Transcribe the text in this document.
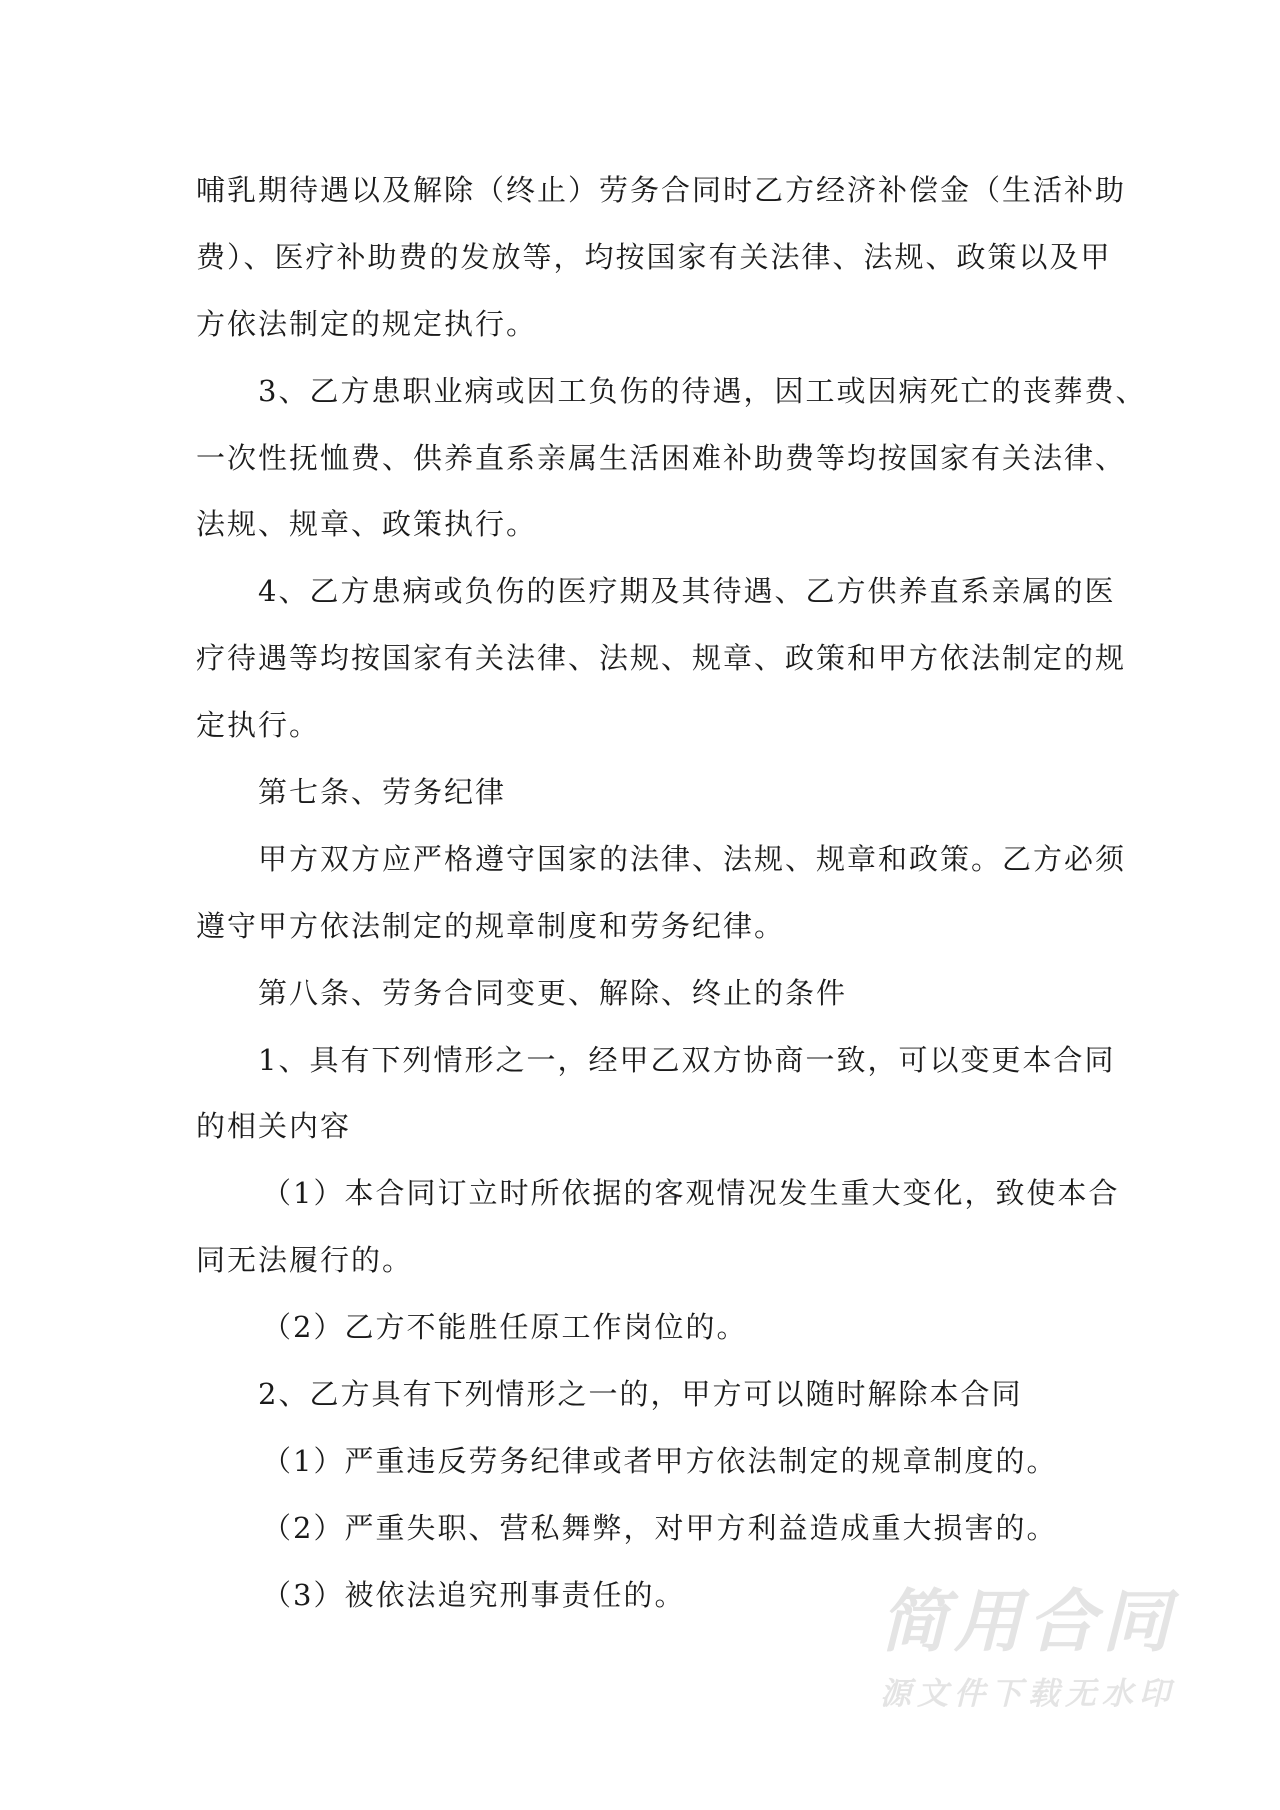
哺乳期待遇以及解除（终止）劳务合同时乙方经济补偿金（生活补助
费）、医疗补助费的发放等，均按国家有关法律、法规、政策以及甲
方依法制定的规定执行。
3、乙方患职业病或因工负伤的待遇，因工或因病死亡的丧葬费、
一次性抚恤费、供养直系亲属生活困难补助费等均按国家有关法律、
法规、规章、政策执行。
4、乙方患病或负伤的医疗期及其待遇、乙方供养直系亲属的医
疗待遇等均按国家有关法律、法规、规章、政策和甲方依法制定的规
定执行。
第七条、劳务纪律
甲方双方应严格遵守国家的法律、法规、规章和政策。乙方必须
遵守甲方依法制定的规章制度和劳务纪律。
第八条、劳务合同变更、解除、终止的条件
1、具有下列情形之一，经甲乙双方协商一致，可以变更本合同
的相关内容
（1）本合同订立时所依据的客观情况发生重大变化，致使本合
同无法履行的。
（2）乙方不能胜任原工作岗位的。
2、乙方具有下列情形之一的，甲方可以随时解除本合同
（1）严重违反劳务纪律或者甲方依法制定的规章制度的。
（2）严重失职、营私舞弊，对甲方利益造成重大损害的。
（3）被依法追究刑事责任的。	简用合同
源文件下载无水印
